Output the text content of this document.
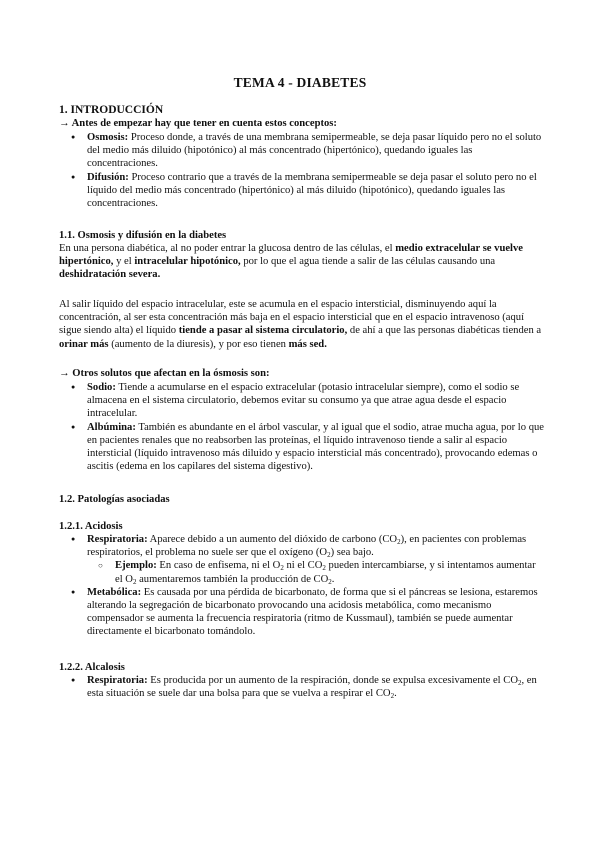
TEMA 4 - DIABETES
1. INTRODUCCIÓN
→ Antes de empezar hay que tener en cuenta estos conceptos:
● Osmosis: Proceso donde, a través de una membrana semipermeable, se deja pasar líquido pero no el soluto del medio más diluido (hipotónico) al más concentrado (hipertónico), quedando iguales las concentraciones.
● Difusión: Proceso contrario que a través de la membrana semipermeable se deja pasar el soluto pero no el líquido del medio más concentrado (hipertónico) al más diluido (hipotónico), quedando iguales las concentraciones.
1.1. Osmosis y difusión en la diabetes

En una persona diabética, al no poder entrar la glucosa dentro de las células, el medio extracelular se vuelve hipertónico, y el intracelular hipotónico, por lo que el agua tiende a salir de las células causando una deshidratación severa.

Al salir líquido del espacio intracelular, este se acumula en el espacio intersticial, disminuyendo aquí la concentración, al ser esta concentración más baja en el espacio intersticial que en el espacio intravenoso (aquí sigue siendo alta) el líquido tiende a pasar al sistema circulatorio, de ahí a que las personas diabéticas tienden a orinar más (aumento de la diuresis), y por eso tienen más sed.

→ Otros solutos que afectan en la ósmosis son:
● Sodio: Tiende a acumularse en el espacio extracelular (potasio intracelular siempre), como el sodio se almacena en el sistema circulatorio, debemos evitar su consumo ya que atrae agua desde el espacio intracelular.
● Albúmina: También es abundante en el árbol vascular, y al igual que el sodio, atrae mucha agua, por lo que en pacientes renales que no reabsorben las proteínas, el líquido intravenoso tiende a salir al espacio intersticial (líquido intravenoso más diluido y espacio intersticial más concentrado), provocando edemas o ascitis (edema en los capilares del sistema digestivo).
1.2. Patologías asociadas
1.2.1. Acidosis
● Respiratoria: Aparece debido a un aumento del dióxido de carbono $(CO_2)$, en pacientes con problemas respiratorios, el problema no suele ser que el oxígeno $(O_2)$ sea bajo.
○ Ejemplo: En caso de enfisema, ni el $O_2$ ni el $CO_2$ pueden intercambiarse, y si intentamos aumentar el $O_2$ aumentaremos también la producción de $CO_2$.
● Metabólica: Es causada por una pérdida de bicarbonato, de forma que si el páncreas se lesiona, estaremos alterando la segregación de bicarbonato provocando una acidosis metabólica, como mecanismo compensador se aumenta la frecuencia respiratoria (ritmo de Kussmaul), también se puede aumentar directamente el bicarbonato tomándolo.
1.2.2. Alcalosis
● Respiratoria: Es producida por un aumento de la respiración, donde se expulsa excesivamente el $CO_2$, en esta situación se suele dar una bolsa para que se vuelva a respirar el $CO_2$.
